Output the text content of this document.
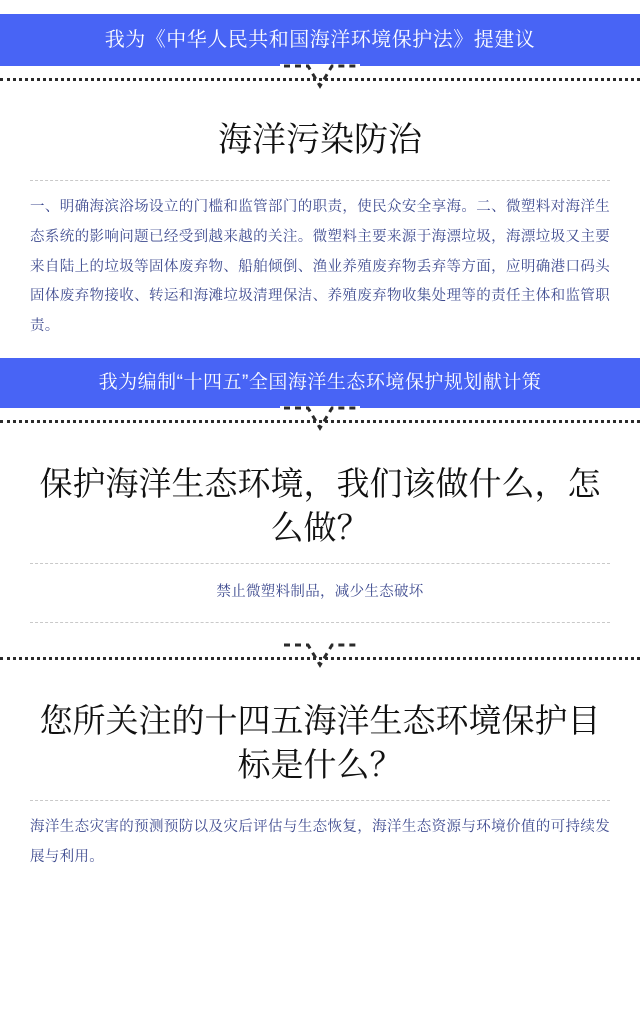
我为《中华人民共和国海洋环境保护法》提建议
海洋污染防治
一、明确海滨浴场设立的门槛和监管部门的职责，使民众安全享海。二、微塑料对海洋生态系统的影响问题已经受到越来越的关注。微塑料主要来源于海漂垃圾，海漂垃圾又主要来自陆上的垃圾等固体废弃物、船舶倾倒、渔业养殖废弃物丢弃等方面，应明确港口码头固体废弃物接收、转运和海滩垃圾清理保洁、养殖废弃物收集处理等的责任主体和监管职责。
我为编制“十四五”全国海洋生态环境保护规划献计策
保护海洋生态环境，我们该做什么，怎么做？
禁止微塑料制品，减少生态破坏
您所关注的十四五海洋生态环境保护目标是什么？
海洋生态灾害的预测预防以及灾后评估与生态恢复，海洋生态资源与环境价值的可持续发展与利用。
